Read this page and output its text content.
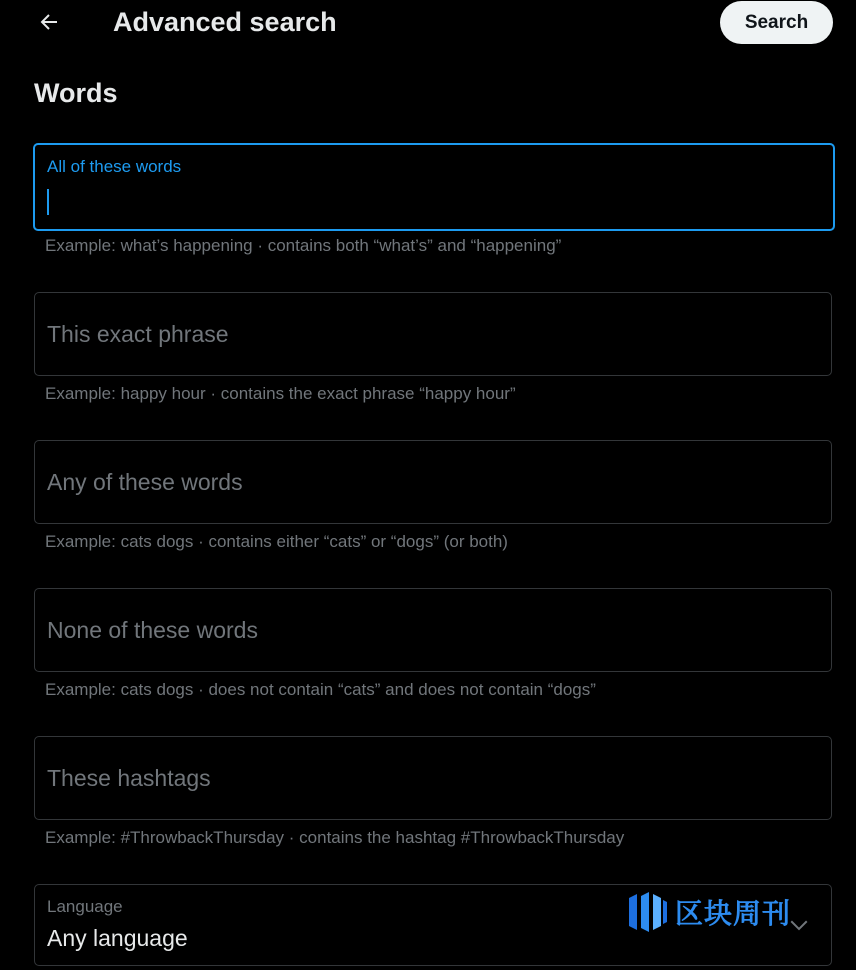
Advanced search	Search
Words
All of these words
Example: what’s happening · contains both “what’s” and “happening”
This exact phrase
Example: happy hour · contains the exact phrase “happy hour”
Any of these words
Example: cats dogs · contains either “cats” or “dogs” (or both)
None of these words
Example: cats dogs · does not contain “cats” and does not contain “dogs”
These hashtags
Example: #ThrowbackThursday · contains the hashtag #ThrowbackThursday
Language
Any language
区块周刊
